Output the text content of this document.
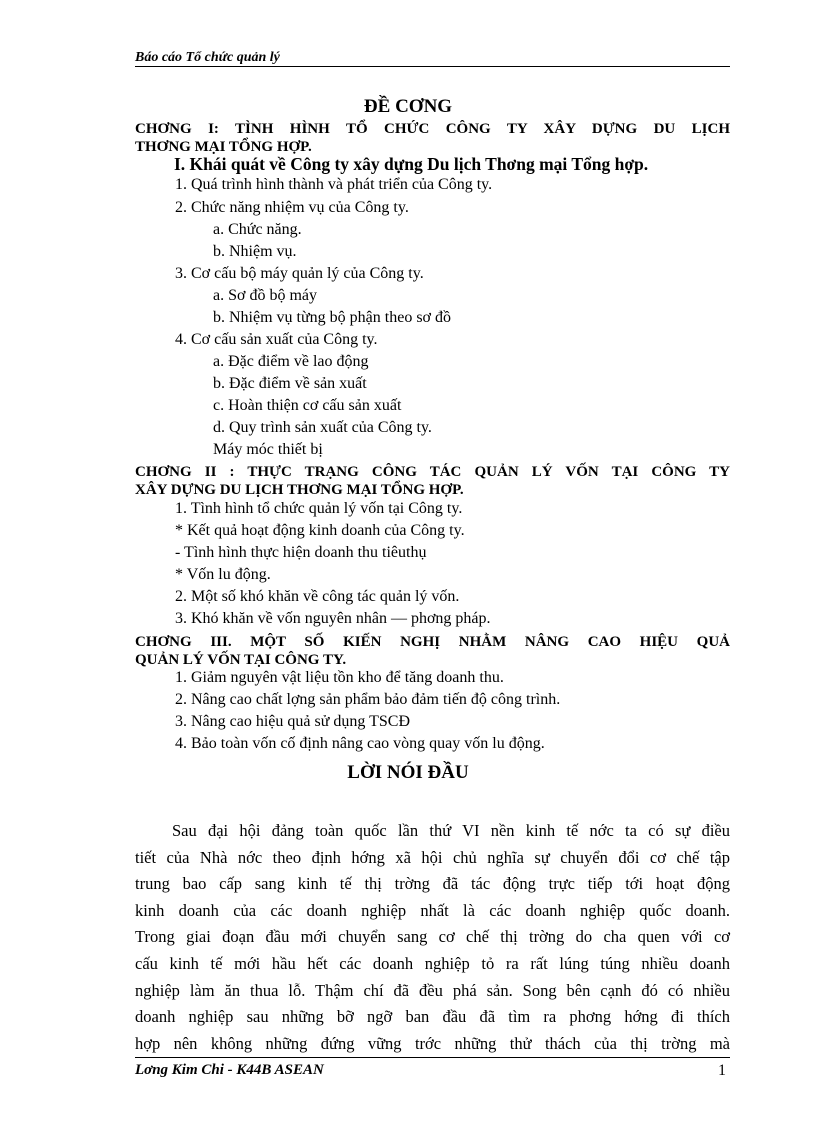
Báo cáo Tổ chức quản lý
ĐỀ CƠNG
CHƠNG I: TÌNH HÌNH TỔ CHỨC CÔNG TY XÂY DỰNG DU LỊCH
THƠNG MẠI TỔNG HỢP.
I. Khái quát về Công ty xây dựng Du lịch Thơng mại Tổng hợp.
1. Quá trình hình thành và phát triển của Công ty.
2. Chức năng nhiệm vụ của Công ty.
a. Chức năng.
b. Nhiệm vụ.
3. Cơ cấu bộ máy quản lý của Công ty.
a. Sơ đồ bộ máy
b. Nhiệm vụ từng bộ phận theo sơ đồ
4. Cơ cấu sản xuất của Công ty.
a. Đặc điểm về lao động
b. Đặc điểm về sản xuất
c. Hoàn thiện cơ cấu sản xuất
d. Quy trình sản xuất của Công ty.
Máy móc thiết bị
CHƠNG II : THỰC TRẠNG CÔNG TÁC QUẢN LÝ VỐN TẠI CÔNG TY
XÂY DỰNG DU LỊCH THƠNG MẠI TỔNG HỢP.
1. Tình hình tổ chức quản lý vốn tại Công ty.
* Kết quả hoạt động kinh doanh của Công ty.
- Tình hình thực hiện doanh thu tiêuthụ
* Vốn lu động.
2. Một số khó khăn về công tác quản lý vốn.
3. Khó khăn về vốn nguyên nhân — phơng pháp.
CHƠNG III. MỘT SỐ KIẾN NGHỊ NHẰM NÂNG CAO HIỆU QUẢ
QUẢN LÝ VỐN TẠI CÔNG TY.
1. Giảm nguyên vật liệu tồn kho để tăng doanh thu.
2. Nâng cao chất lợng sản phẩm bảo đảm tiến độ công trình.
3. Nâng cao hiệu quả sử dụng TSCĐ
4. Bảo toàn vốn cố định nâng cao vòng quay vốn lu động.
LỜI NÓI ĐẦU
Sau đại hội đảng toàn quốc lần thứ VI nền kinh tế nớc ta có sự điều
tiết của Nhà nớc theo định hớng xã hội chủ nghĩa sự chuyển đổi cơ chế tập
trung bao cấp sang kinh tế thị trờng đã tác động trực tiếp tới hoạt động
kinh doanh của các doanh nghiệp nhất là các doanh nghiệp quốc doanh.
Trong giai đoạn đầu mới chuyển sang cơ chế thị trờng do cha quen với cơ
cấu kinh tế mới hầu hết các doanh nghiệp tỏ ra rất lúng túng nhiều doanh
nghiệp làm ăn thua lỗ. Thậm chí đã đều phá sản. Song bên cạnh đó có nhiều
doanh nghiệp sau những bỡ ngỡ ban đầu đã tìm ra phơng hớng đi thích
hợp nên không những đứng vững trớc những thử thách của thị trờng mà
Lơng Kim Chi - K44B ASEAN	1
